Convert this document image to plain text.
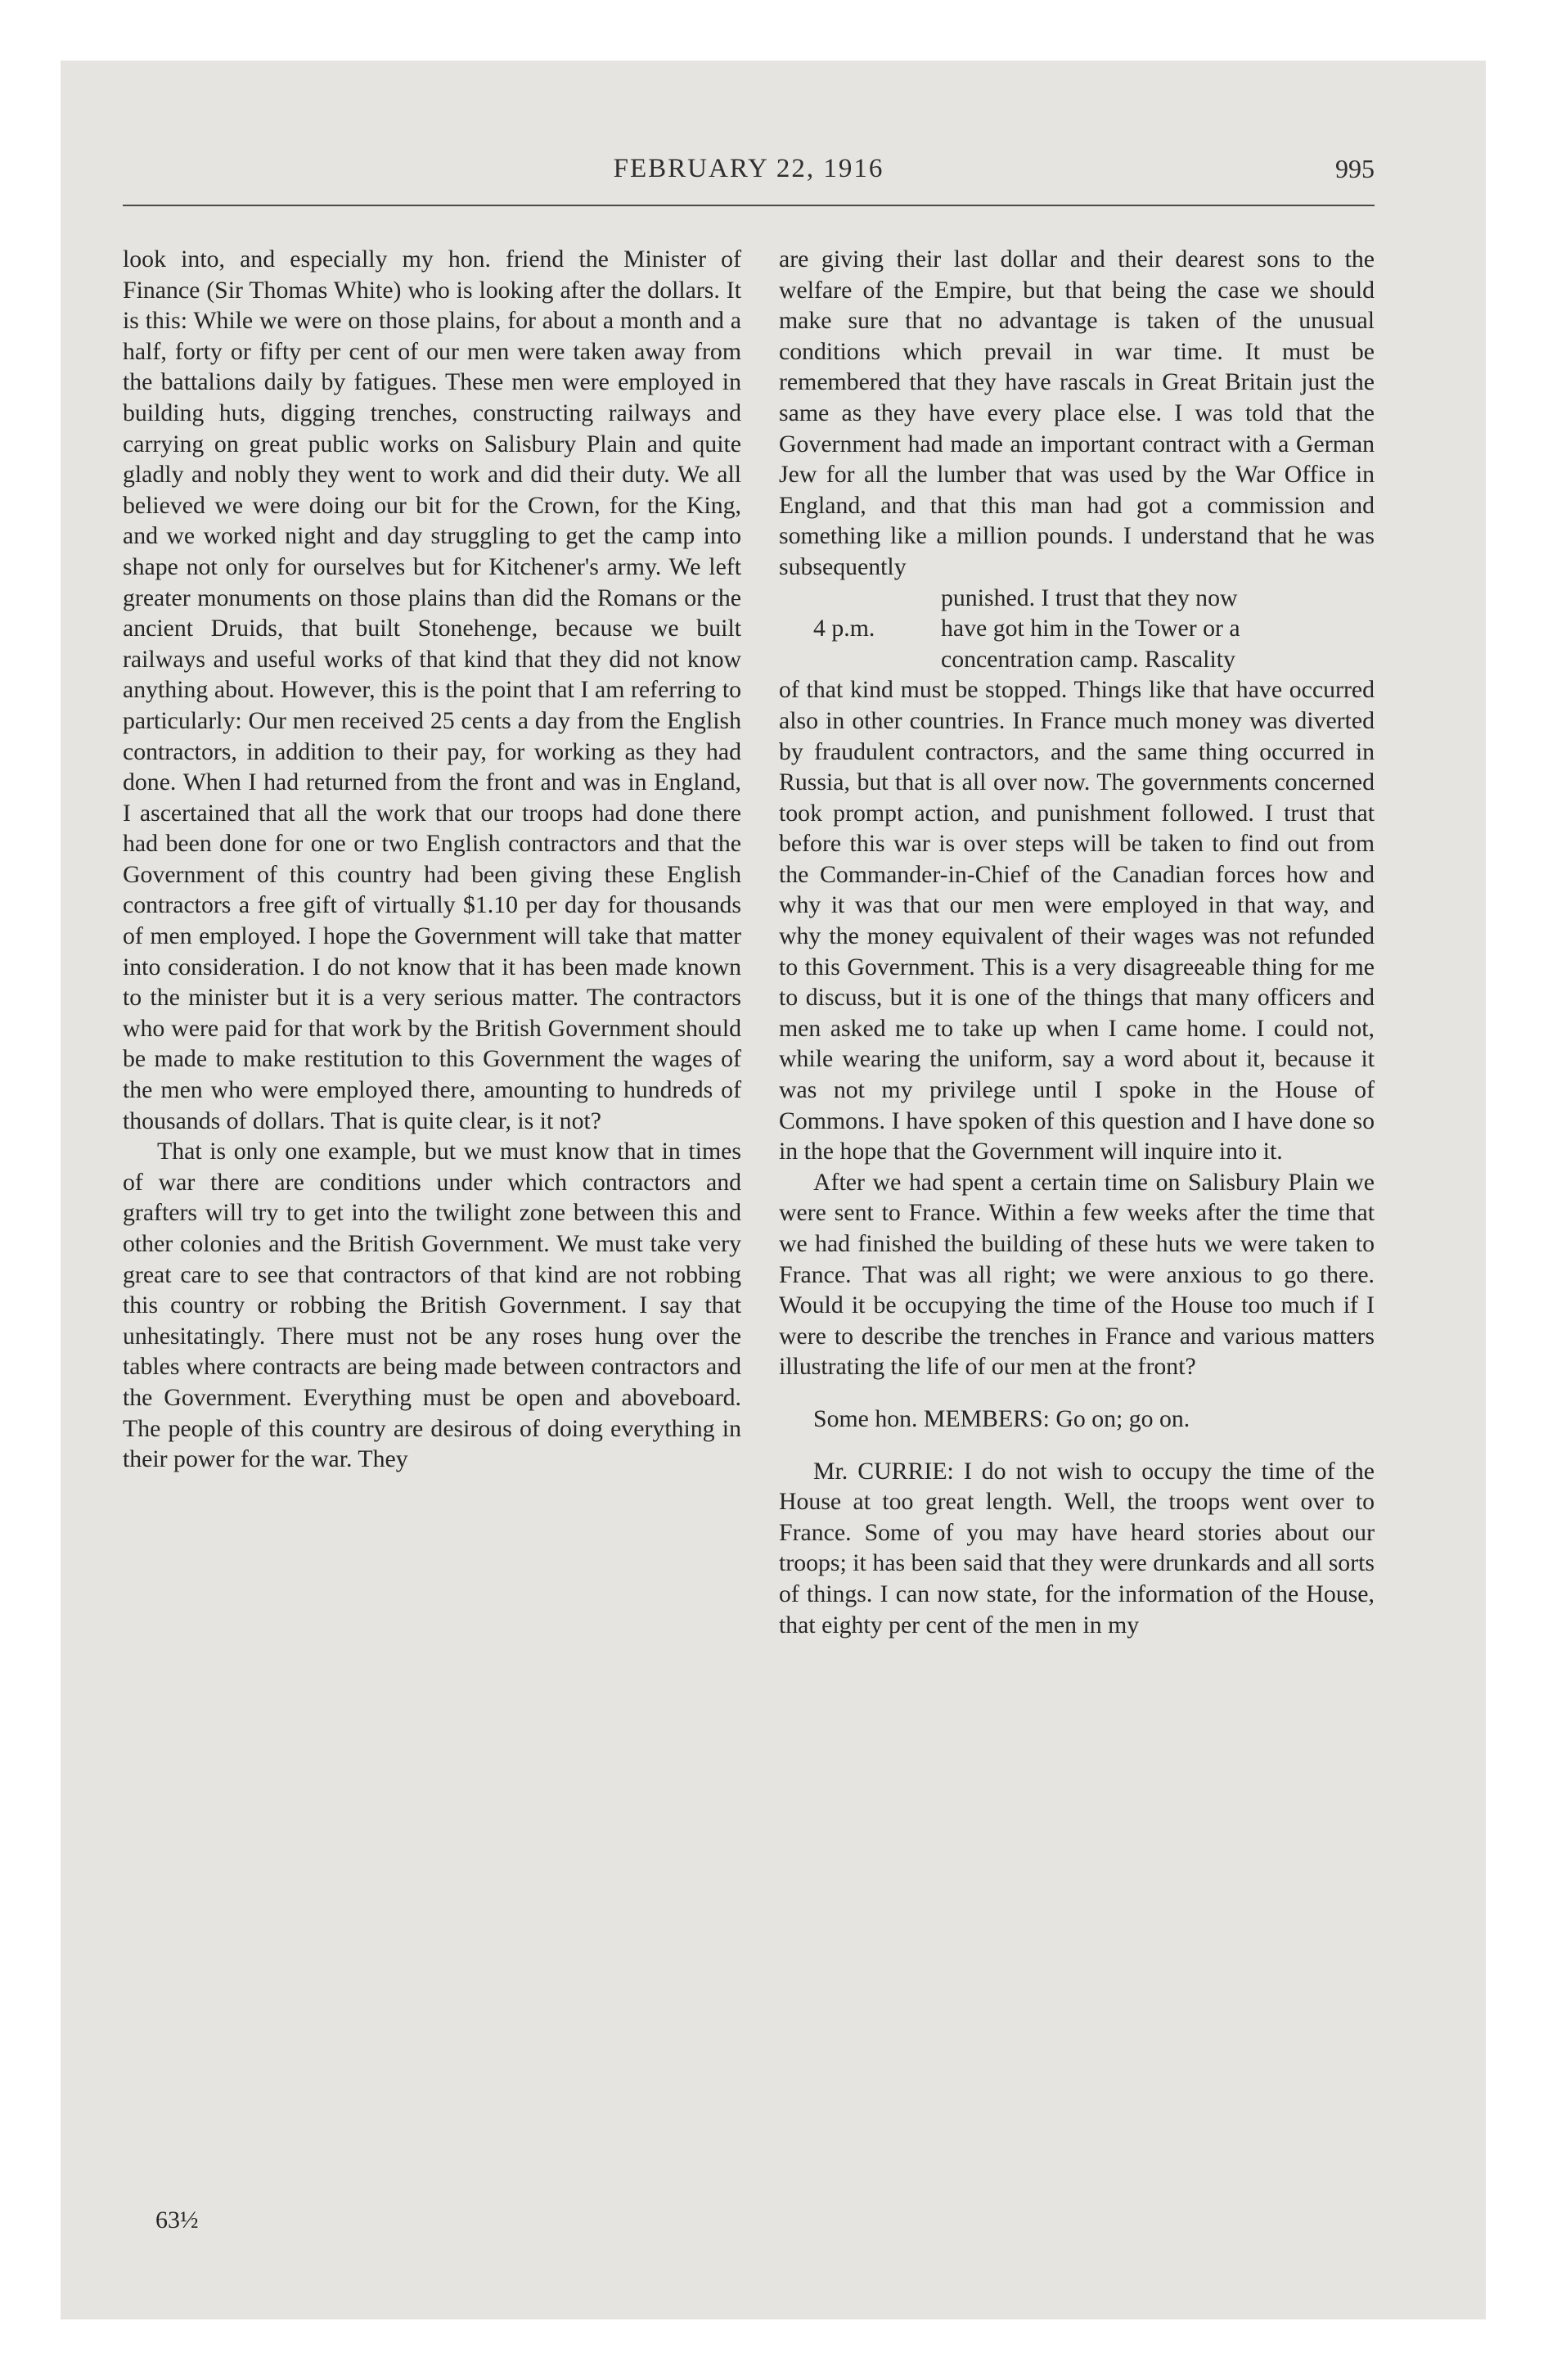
FEBRUARY 22, 1916	995

look into, and especially my hon. friend the Minister of Finance (Sir Thomas White) who is looking after the dollars. It is this: While we were on those plains, for about a month and a half, forty or fifty per cent of our men were taken away from the battalions daily by fatigues. These men were employed in building huts, digging trenches, constructing railways and carrying on great public works on Salisbury Plain and quite gladly and nobly they went to work and did their duty. We all believed we were doing our bit for the Crown, for the King, and we worked night and day struggling to get the camp into shape not only for ourselves but for Kitchener's army. We left greater monuments on those plains than did the Romans or the ancient Druids, that built Stonehenge, because we built railways and useful works of that kind that they did not know anything about. However, this is the point that I am referring to particularly: Our men received 25 cents a day from the English contractors, in addition to their pay, for working as they had done. When I had returned from the front and was in England, I ascertained that all the work that our troops had done there had been done for one or two English contractors and that the Government of this country had been giving these English contractors a free gift of virtually $1.10 per day for thousands of men employed. I hope the Government will take that matter into consideration. I do not know that it has been made known to the minister but it is a very serious matter. The contractors who were paid for that work by the British Government should be made to make restitution to this Government the wages of the men who were employed there, amounting to hundreds of thousands of dollars. That is quite clear, is it not?

That is only one example, but we must know that in times of war there are conditions under which contractors and grafters will try to get into the twilight zone between this and other colonies and the British Government. We must take very great care to see that contractors of that kind are not robbing this country or robbing the British Government. I say that unhesitatingly. There must not be any roses hung over the tables where contracts are being made between contractors and the Government. Everything must be open and aboveboard. The people of this country are desirous of doing everything in their power for the war. They

63½

are giving their last dollar and their dearest sons to the welfare of the Empire, but that being the case we should make sure that no advantage is taken of the unusual conditions which prevail in war time. It must be remembered that they have rascals in Great Britain just the same as they have every place else. I was told that the Government had made an important contract with a German Jew for all the lumber that was used by the War Office in England, and that this man had got a commission and something like a million pounds. I understand that he was subsequently

punished. I trust that they now
4 p.m.	have got him in the Tower or a
concentration camp. Rascality

of that kind must be stopped. Things like that have occurred also in other countries. In France much money was diverted by fraudulent contractors, and the same thing occurred in Russia, but that is all over now. The governments concerned took prompt action, and punishment followed. I trust that before this war is over steps will be taken to find out from the Commander-in-Chief of the Canadian forces how and why it was that our men were employed in that way, and why the money equivalent of their wages was not refunded to this Government. This is a very disagreeable thing for me to discuss, but it is one of the things that many officers and men asked me to take up when I came home. I could not, while wearing the uniform, say a word about it, because it was not my privilege until I spoke in the House of Commons. I have spoken of this question and I have done so in the hope that the Government will inquire into it.

After we had spent a certain time on Salisbury Plain we were sent to France. Within a few weeks after the time that we had finished the building of these huts we were taken to France. That was all right; we were anxious to go there. Would it be occupying the time of the House too much if I were to describe the trenches in France and various matters illustrating the life of our men at the front?

Some hon. MEMBERS: Go on; go on.

Mr. CURRIE: I do not wish to occupy the time of the House at too great length. Well, the troops went over to France. Some of you may have heard stories about our troops; it has been said that they were drunkards and all sorts of things. I can now state, for the information of the House, that eighty per cent of the men in my
